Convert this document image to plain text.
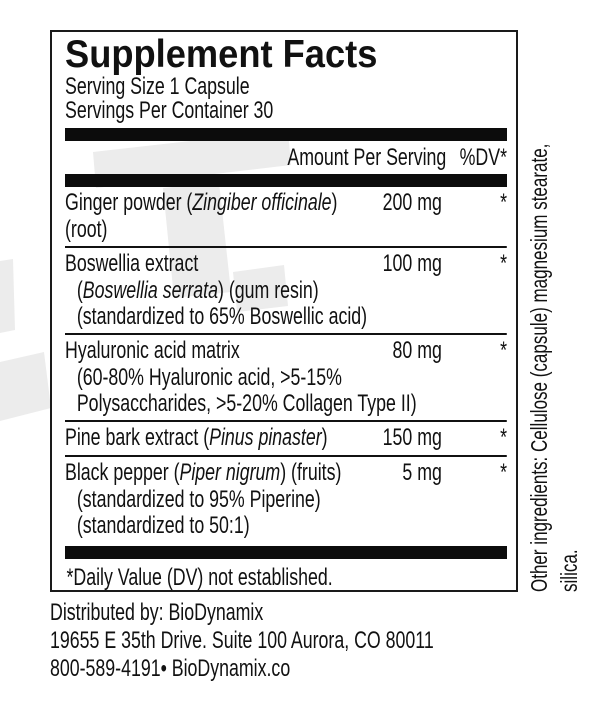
Supplement Facts
Serving Size 1 Capsule
Servings Per Container 30
Amount Per Serving %DV*
Ginger powder (Zingiber officinale)	200 mg	*
(root)
Boswellia extract	100 mg	*
(Boswellia serrata) (gum resin)
(standardized to 65% Boswellic acid)
Hyaluronic acid matrix	80 mg	*
(60-80% Hyaluronic acid, >5-15%
Polysaccharides, >5-20% Collagen Type II)
Pine bark extract (Pinus pinaster)	150 mg	*
Black pepper (Piper nigrum) (fruits)	5 mg	*
(standardized to 95% Piperine)
(standardized to 50:1)
*Daily Value (DV) not established.	Other ingredients: Cellulose (capsule) magnesium stearate, silica.
Distributed by: BioDynamix
19655 E 35th Drive. Suite 100 Aurora, CO 80011
800-589-4191• BioDynamix.co
